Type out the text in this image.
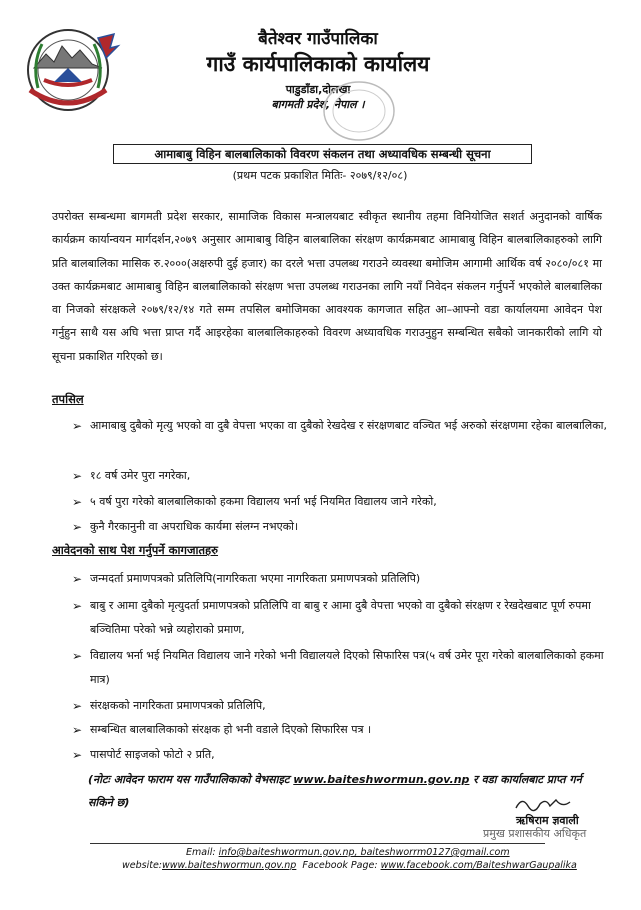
बैतेश्वर गाउँपालिका
गाउँ कार्यपालिकाको कार्यालय
पाडुडाँडा,दोलखा
बागमती प्रदेश, नेपाल ।
आमाबाबु विहिन बालबालिकाको विवरण संकलन तथा अध्यावधिक सम्बन्धी सूचना
(प्रथम पटक प्रकाशित मितिः- २०७९/१२/०८)
उपरोक्त सम्बन्धमा बागमती प्रदेश सरकार, सामाजिक विकास मन्त्रालयबाट स्वीकृत स्थानीय तहमा विनियोजित सशर्त अनुदानको वार्षिक कार्यक्रम कार्यान्वयन मार्गदर्शन,२०७९ अनुसार आमाबाबु विहिन बालबालिका संरक्षण कार्यक्रमबाट आमाबाबु विहिन बालबालिकाहरुको लागि प्रति बालबालिका मासिक रु.२०००(अक्षरुपी दुई हजार) का दरले भत्ता उपलब्ध गराउने व्यवस्था बमोजिम आगामी आर्थिक वर्ष २०८०/०८१ मा उक्त कार्यक्रमबाट आमाबाबु विहिन बालबालिकाको संरक्षण भत्ता उपलब्ध गराउनका लागि नयाँ निवेदन संकलन गर्नुपर्ने भएकोले बालबालिका वा निजको संरक्षकले २०७९/१२/१४ गते सम्म तपसिल बमोजिमका आवश्यक कागजात सहित आ–आफ्नो वडा कार्यालयमा आवेदन पेश गर्नुहुन साथै यस अघि भत्ता प्राप्त गर्दै आइरहेका बालबालिकाहरुको विवरण अध्यावधिक गराउनुहुन सम्बन्धित सबैको जानकारीको लागि यो सूचना प्रकाशित गरिएको छ।
तपसिल
➢ आमाबाबु दुबैको मृत्यु भएको वा दुबै वेपत्ता भएका वा दुबैको रेखदेख र संरक्षणबाट वञ्चित भई अरुको संरक्षणमा रहेका बालबालिका,
➢ १८ वर्ष उमेर पुरा नगरेका,
➢ ५ वर्ष पुरा गरेको बालबालिकाको हकमा विद्यालय भर्ना भई नियमित विद्यालय जाने गरेको,
➢ कुनै गैरकानुनी वा अपराधिक कार्यमा संलग्न नभएको।
आवेदनको साथ पेश गर्नुपर्ने कागजातहरु
➢ जन्मदर्ता प्रमाणपत्रको प्रतिलिपि(नागरिकता भएमा नागरिकता प्रमाणपत्रको प्रतिलिपि)
➢ बाबु र आमा दुबैको मृत्युदर्ता प्रमाणपत्रको प्रतिलिपि वा बाबु र आमा दुबै वेपत्ता भएको वा दुबैको संरक्षण र रेखदेखबाट पूर्ण रुपमा बञ्चितिमा परेको भन्ने व्यहोराको प्रमाण,
➢ विद्यालय भर्ना भई नियमित विद्यालय जाने गरेको भनी विद्यालयले दिएको सिफारिस पत्र(५ वर्ष उमेर पूरा गरेको बालबालिकाको हकमा मात्र)
➢ संरक्षकको नागरिकता प्रमाणपत्रको प्रतिलिपि,
➢ सम्बन्धित बालबालिकाको संरक्षक हो भनी वडाले दिएको सिफारिस पत्र ।
➢ पासपोर्ट साइजको फोटो २ प्रति,
(नोटः आवेदन फाराम यस गाउँपालिकाको वेभसाइट www.baiteshwormun.gov.np र वडा कार्यालबाट प्राप्त गर्न सकिने छ)
ऋषिराम ज्ञवाली
प्रमुख प्रशासकीय अधिकृत
Email: info@baiteshwormun.gov.np, baiteshworrm0127@gmail.com
website:www.baiteshwormun.gov.np Facebook Page: www.facebook.com/BaiteshwarGaupalika
